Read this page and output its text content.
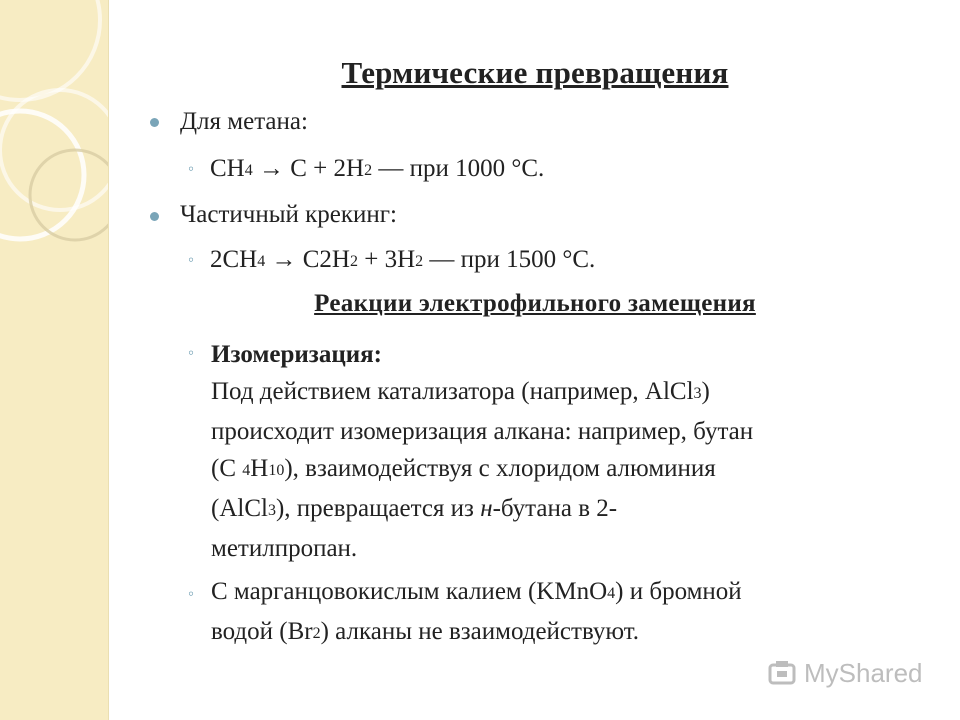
Термические превращения
Для метана:
◦ $CH_4 \to C + 2H_2$ — при 1000 °C.
Частичный крекинг:
◦ $2CH_4 \to C2H_2 + 3H_2$ — при 1500 °C.
Реакции электрофильного замещения
◦ Изомеризация:
Под действием катализатора (например, AlCl$_3$)
происходит изомеризация алкана: например, бутан
(C $_4H_{10}$), взаимодействуя с хлоридом алюминия
(AlCl$_3$), превращается из н-бутана в 2-
метилпропан.
◦ С марганцовокислым калием (KMnO$_4$) и бромной
водой $(Br_2)$ алканы не взаимодействуют.
MyShared
